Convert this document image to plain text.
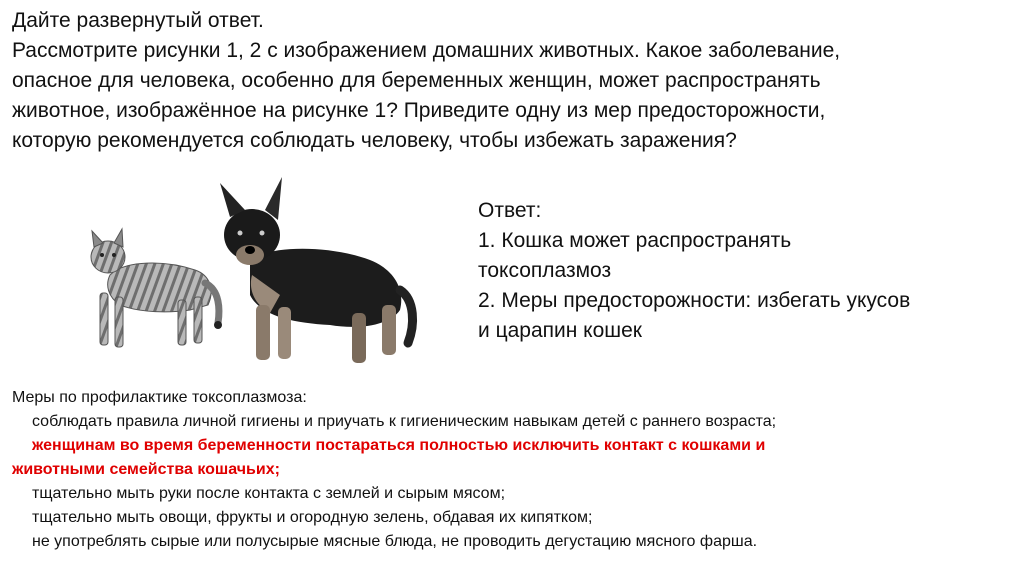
Дайте развернутый ответ.
Рассмотрите рисунки 1, 2 с изображением домашних животных. Какое заболевание,
опасное для человека, особенно для беременных женщин, может распространять
животное, изображённое на рисунке 1? Приведите одну из мер предосторожности,
которую рекомендуется соблюдать человеку, чтобы избежать заражения?
Ответ:
1. Кошка может распространять
токсоплазмоз
2. Меры предосторожности: избегать укусов
и царапин кошек
Меры по профилактике токсоплазмоза:
соблюдать правила личной гигиены и приучать к гигиеническим навыкам детей с раннего возраста;
женщинам во время беременности постараться полностью исключить контакт с кошками и
животными семейства кошачьих;
тщательно мыть руки после контакта с землей и сырым мясом;
тщательно мыть овощи, фрукты и огородную зелень, обдавая их кипятком;
не употреблять сырые или полусырые мясные блюда, не проводить дегустацию мясного фарша.
